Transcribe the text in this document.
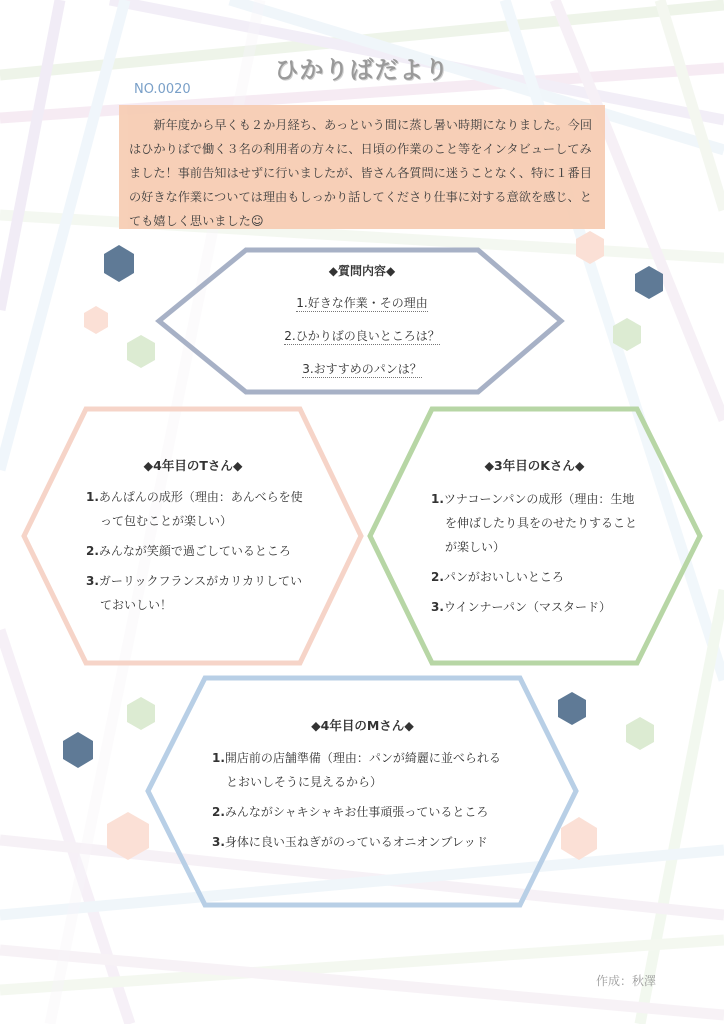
ひかりばだより
NO.0020

新年度から早くも２か月経ち、あっという間に蒸し暑い時期になりました。今回はひかりばで働く３名の利用者の方々に、日頃の作業のこと等をインタビューしてみました！事前告知はせずに行いましたが、皆さん各質問に迷うことなく、特に１番目の好きな作業については理由もしっかり話してくださり仕事に対する意欲を感じ、とても嬉しく思いました☺

◆質問内容◆
1.好きな作業・その理由
2.ひかりばの良いところは？
3.おすすめのパンは？
◆4年目のTさん◆
1.あんぱんの成形（理由：あんべらを使って包むことが楽しい）
2.みんなが笑顔で過ごしているところ
3.ガーリックフランスがカリカリしていておいしい！
◆3年目のKさん◆
1.ツナコーンパンの成形（理由：生地を伸ばしたり具をのせたりすることが楽しい）
2.パンがおいしいところ
3.ウインナーパン（マスタード）
◆4年目のMさん◆
1.開店前の店舗準備（理由：パンが綺麗に並べられるとおいしそうに見えるから）
2.みんながシャキシャキお仕事頑張っているところ
3.身体に良い玉ねぎがのっているオニオンブレッド
作成：秋澤
